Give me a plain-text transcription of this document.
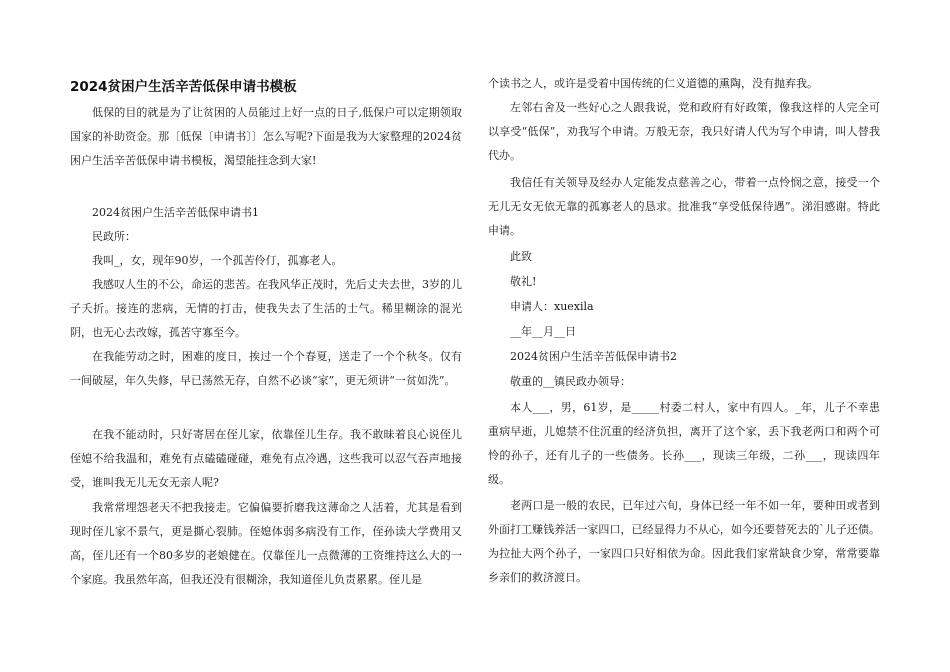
2024贫困户生活辛苦低保申请书模板

低保的目的就是为了让贫困的人员能过上好一点的日子,低保户可以定期领取国家的补助资金。那〔低保〔申请书〕〕怎么写呢?下面是我为大家整理的2024贫困户生活辛苦低保申请书模板，渴望能挂念到大家!

2024贫困户生活辛苦低保申请书1

民政所：

我叫_，女，现年90岁，一个孤苦伶仃，孤寡老人。

我感叹人生的不公，命运的悲苦。在我风华正茂时，先后丈夫去世，3岁的儿子夭折。接连的悲病，无情的打击，使我失去了生活的士气。稀里糊涂的混光阴，也无心去改嫁，孤苦守寡至今。

在我能劳动之时，困难的度日，挨过一个个春夏，送走了一个个秋冬。仅有一间破屋，年久失修，早已荡然无存，自然不必谈“家”，更无须讲“一贫如洗”。

在我不能动时，只好寄居在侄儿家，依靠侄儿生存。我不敢昧着良心说侄儿侄媳不给我温和，难免有点磕磕碰碰，难免有点冷遇，这些我可以忍气吞声地接受，谁叫我无儿无女无亲人呢?

我常常埋怨老天不把我接走。它偏偏要折磨我这薄命之人活着，尤其是看到现时侄儿家不景气，更是撕心裂肺。侄媳体弱多病没有工作，侄孙读大学费用又高，侄儿还有一个80多岁的老娘健在。仅靠侄儿一点微薄的工资维持这么大的一个家庭。我虽然年高，但我还没有很糊涂，我知道侄儿负责累累。侄儿是

个读书之人，或许是受着中国传统的仁义道德的熏陶，没有抛弃我。

左邻右舍及一些好心之人跟我说，党和政府有好政策，像我这样的人完全可以享受“低保”，劝我写个申请。万般无奈，我只好请人代为写个申请，叫人替我代办。

我信任有关领导及经办人定能发点慈善之心，带着一点怜悯之意，接受一个无儿无女无依无靠的孤寡老人的恳求。批准我“享受低保待遇”。涕泪感谢。特此申请。

此致

敬礼!

申请人：xuexila

__年__月__日

2024贫困户生活辛苦低保申请书2

敬重的__镇民政办领导：

本人___，男，61岁，是_____村委二村人，家中有四人。_年，儿子不幸患重病早逝，儿媳禁不住沉重的经济负担，离开了这个家，丢下我老两口和两个可怜的孙子，还有儿子的一些债务。长孙___，现读三年级，二孙___，现读四年级。

老两口是一般的农民，已年过六旬，身体已经一年不如一年，要种田或者到外面打工赚钱养活一家四口，已经显得力不从心，如今还要替死去的`儿子还债。为拉扯大两个孙子，一家四口只好相依为命。因此我们家常缺食少穿，常常要靠乡亲们的救济渡日。
